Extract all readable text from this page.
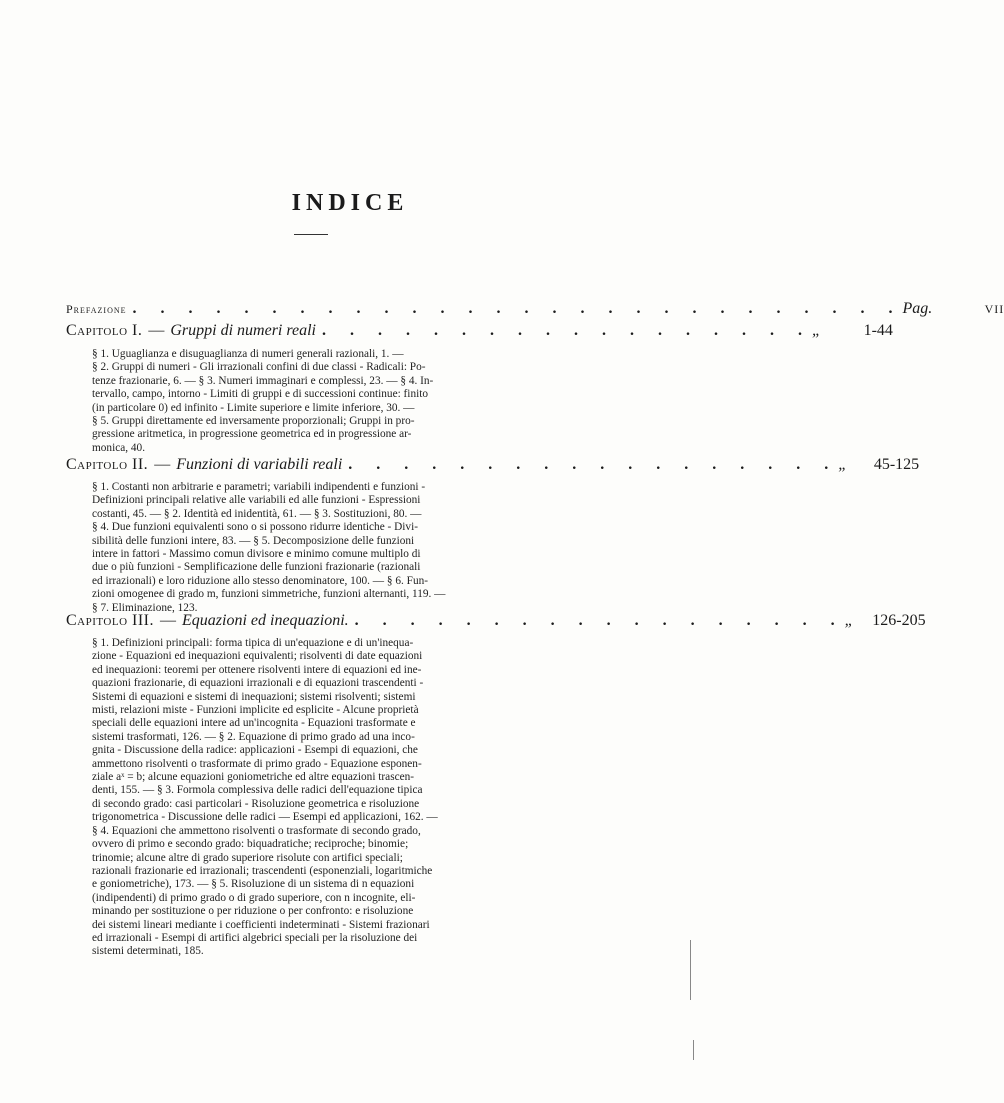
INDICE
Prefazione . . . . . . . . . . . . . . . . . . . . . . . . . . . . Pag.	VII
Capitolo I. — Gruppi di numeri reali . . . . . . . . . . . . . . . . . . „	1-44
§ 1. Uguaglianza e disuguaglianza di numeri generali razionali, 1. —
§ 2. Gruppi di numeri - Gli irrazionali confini di due classi - Radicali: Po-
tenze frazionarie, 6. — § 3. Numeri immaginari e complessi, 23. — § 4. In-
tervallo, campo, intorno - Limiti di gruppi e di successioni continue: finito
(in particolare 0) ed infinito - Limite superiore e limite inferiore, 30. —
§ 5. Gruppi direttamente ed inversamente proporzionali; Gruppi in pro-
gressione aritmetica, in progressione geometrica ed in progressione ar-
monica, 40.
Capitolo II. — Funzioni di variabili reali . . . . . . . . . . . . . . . . . . „	45-125
§ 1. Costanti non arbitrarie e parametri; variabili indipendenti e funzioni -
Definizioni principali relative alle variabili ed alle funzioni - Espressioni
costanti, 45. — § 2. Identità ed inidentità, 61. — § 3. Sostituzioni, 80. —
§ 4. Due funzioni equivalenti sono o si possono ridurre identiche - Divi-
sibilità delle funzioni intere, 83. — § 5. Decomposizione delle funzioni
intere in fattori - Massimo comun divisore e minimo comune multiplo di
due o più funzioni - Semplificazione delle funzioni frazionarie (razionali
ed irrazionali) e loro riduzione allo stesso denominatore, 100. — § 6. Fun-
zioni omogenee di grado m, funzioni simmetriche, funzioni alternanti, 119. —
§ 7. Eliminazione, 123.
Capitolo III. — Equazioni ed inequazioni. . . . . . . . . . . . . . . . . . . „	126-205
§ 1. Definizioni principali: forma tipica di un'equazione e di un'inequa-
zione - Equazioni ed inequazioni equivalenti; risolventi di date equazioni
ed inequazioni: teoremi per ottenere risolventi intere di equazioni ed ine-
quazioni frazionarie, di equazioni irrazionali e di equazioni trascendenti -
Sistemi di equazioni e sistemi di inequazioni; sistemi risolventi; sistemi
misti, relazioni miste - Funzioni implicite ed esplicite - Alcune proprietà
speciali delle equazioni intere ad un'incognita - Equazioni trasformate e
sistemi trasformati, 126. — § 2. Equazione di primo grado ad una inco-
gnita - Discussione della radice: applicazioni - Esempi di equazioni, che
ammettono risolventi o trasformate di primo grado - Equazione esponen-
ziale aˣ = b; alcune equazioni goniometriche ed altre equazioni trascen-
denti, 155. — § 3. Formola complessiva delle radici dell'equazione tipica
di secondo grado: casi particolari - Risoluzione geometrica e risoluzione
trigonometrica - Discussione delle radici — Esempi ed applicazioni, 162. —
§ 4. Equazioni che ammettono risolventi o trasformate di secondo grado,
ovvero di primo e secondo grado: biquadratiche; reciproche; binomie;
trinomie; alcune altre di grado superiore risolute con artifici speciali;
razionali frazionarie ed irrazionali; trascendenti (esponenziali, logaritmiche
e goniometriche), 173. — § 5. Risoluzione di un sistema di n equazioni
(indipendenti) di primo grado o di grado superiore, con n incognite, eli-
minando per sostituzione o per riduzione o per confronto: e risoluzione
dei sistemi lineari mediante i coefficienti indeterminati - Sistemi frazionari
ed irrazionali - Esempi di artifici algebrici speciali per la risoluzione dei
sistemi determinati, 185.
